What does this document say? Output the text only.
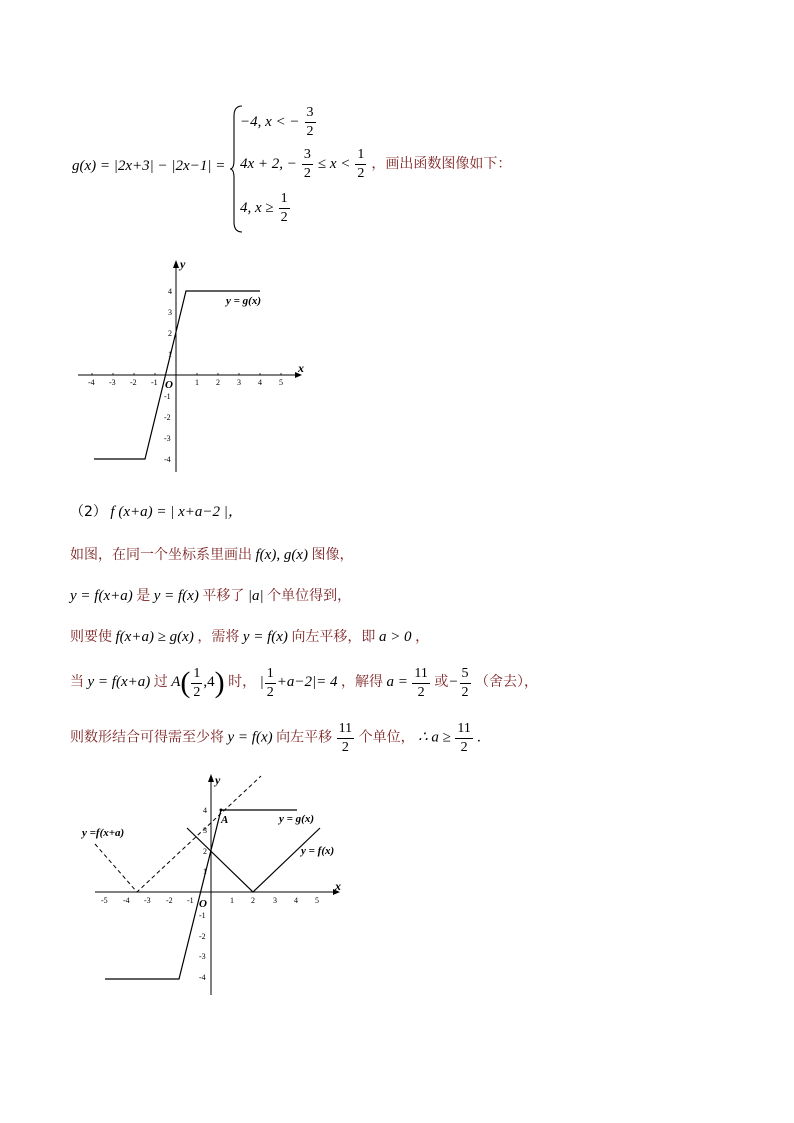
g(x) = |2x+3| − |2x−1| =
−4, x < − $\frac{3}{2}$
4x + 2, − $\frac{3}{2} \le x < \frac{1}{2}$ ，画出函数图像如下：
4, $x \ge \frac{1}{2}$
x
y
O
-4 -3 -2 -1	1 2 3 4 5
4
3
2
1
-1
-2
-3
-4
y = g(x)
（2） f (x+a) = | x+a−2 |，
如图，在同一个坐标系里画出 f(x), g(x) 图像，
y = f(x+a) 是 y = f(x) 平移了 |a| 个单位得到，
则要使 f(x+a) ≥ g(x) ，需将 y = f(x) 向左平移，即 a > 0 ，
当 y = f(x+a) 过 $A( \frac{1}{2} ,4)$ 时， | $\frac{1}{2} +a-2|= 4$ ，解得 $a = \frac{11}{2}$ 或− $\frac{5}{2}$ （舍去），
则数形结合可得需至少将 y = f(x) 向左平移 $\frac{11}{2}$ 个单位， ∴ $a \ge \frac{11}{2}$ .
x
y
O
-5 -4 -3 -2 -1	1 2 3 4 5
4
3
2
1
-1
-2
-3
-4
A	y = g(x)
y = f(x)
y =f(x+a)
